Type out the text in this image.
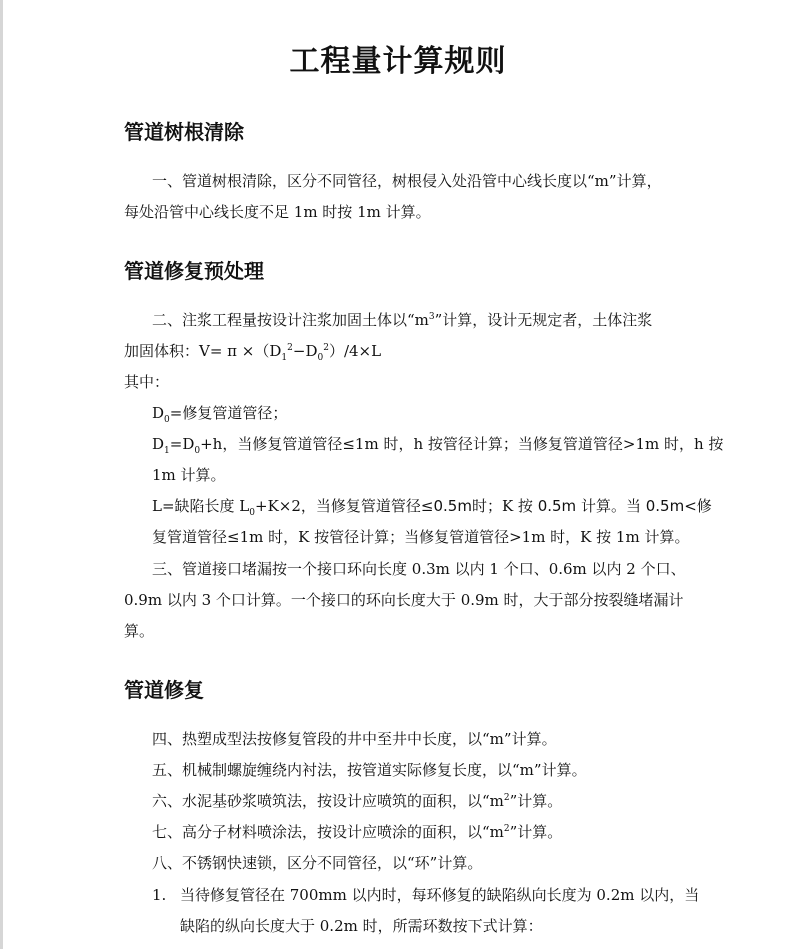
工程量计算规则
管道树根清除
一、管道树根清除，区分不同管径，树根侵入处沿管中心线长度以“m”计算，
每处沿管中心线长度不足 1m 时按 1m 计算。
管道修复预处理
二、注浆工程量按设计注浆加固土体以“$m^3$”计算，设计无规定者，土体注浆
加固体积：$V= \pi \times(D_1^2-D_0^2)/4\times L$
其中：
$D_0=$修复管道管径；
$D_1=D_0+h$，当修复管道管径≤1m 时，h 按管径计算；当修复管道管径>1m 时，h 按
1m 计算。
L=缺陷长度 $L_0+K\times 2$，当修复管道管径≤0.5m时；K 按 0.5m 计算。当 0.5m<修
复管道管径≤1m 时，K 按管径计算；当修复管道管径>1m 时，K 按 1m 计算。
三、管道接口堵漏按一个接口环向长度 0.3m 以内 1 个口、0.6m 以内 2 个口、
0.9m 以内 3 个口计算。一个接口的环向长度大于 0.9m 时，大于部分按裂缝堵漏计
算。
管道修复
四、热塑成型法按修复管段的井中至井中长度，以“m”计算。
五、机械制螺旋缠绕内衬法，按管道实际修复长度，以“m”计算。
六、水泥基砂浆喷筑法，按设计应喷筑的面积，以“$m^2$”计算。
七、高分子材料喷涂法，按设计应喷涂的面积，以“$m^2$”计算。
八、不锈钢快速锁，区分不同管径，以“环”计算。
1. 当待修复管径在 700mm 以内时，每环修复的缺陷纵向长度为 0.2m 以内，当
缺陷的纵向长度大于 0.2m 时，所需环数按下式计算：
